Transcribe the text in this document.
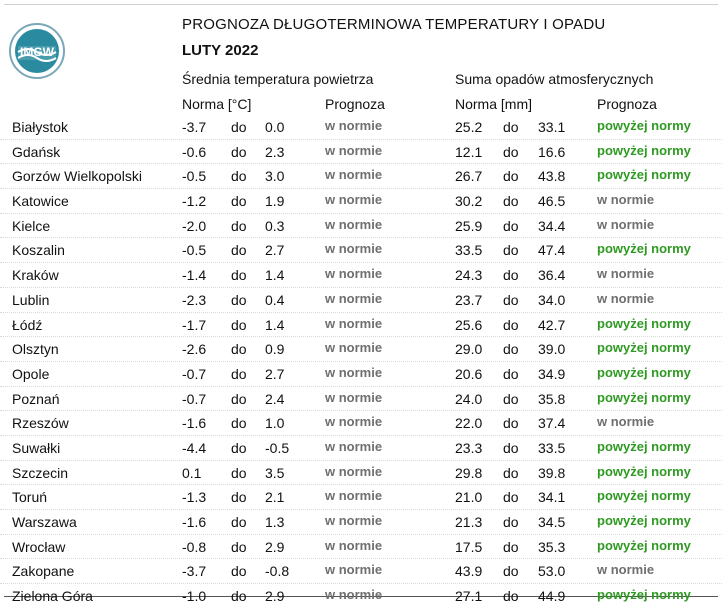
IMGW
PROGNOZA DŁUGOTERMINOWA TEMPERATURY I OPADU
LUTY 2022
Średnia temperatura powietrza	Suma opadów atmosferycznych
Norma [°C]	Prognoza	Norma [mm]	Prognoza
Białystok	-3.7 do 0.0	w normie	25.2 do 33.1 powyżej normy
Gdańsk	-0.6 do 2.3	w normie	12.1 do 16.6 powyżej normy
Gorzów Wielkopolski	-0.5 do 3.0	w normie	26.7 do 43.8 powyżej normy
Katowice	-1.2 do 1.9	w normie	30.2 do 46.5 w normie
Kielce	-2.0 do 0.3	w normie	25.9 do 34.4 w normie
Koszalin	-0.5 do 2.7	w normie	33.5 do 47.4 powyżej normy
Kraków	-1.4 do 1.4	w normie	24.3 do 36.4 w normie
Lublin	-2.3 do 0.4	w normie	23.7 do 34.0 w normie
Łódź	-1.7 do 1.4	w normie	25.6 do 42.7 powyżej normy
Olsztyn	-2.6 do 0.9	w normie	29.0 do 39.0 powyżej normy
Opole	-0.7 do 2.7	w normie	20.6 do 34.9 powyżej normy
Poznań	-0.7 do 2.4	w normie	24.0 do 35.8 powyżej normy
Rzeszów	-1.6 do 1.0	w normie	22.0 do 37.4 w normie
Suwałki	-4.4 do -0.5	w normie	23.3 do 33.5 powyżej normy
Szczecin	0.1 do 3.5	w normie	29.8 do 39.8 powyżej normy
Toruń	-1.3 do 2.1	w normie	21.0 do 34.1 powyżej normy
Warszawa	-1.6 do 1.3	w normie	21.3 do 34.5 powyżej normy
Wrocław	-0.8 do 2.9	w normie	17.5 do 35.3 powyżej normy
Zakopane	-3.7 do -0.8	w normie	43.9 do 53.0 w normie
Zielona Góra	-1.0 do 2.9	w normie	27.1 do 44.9 powyżej normy
